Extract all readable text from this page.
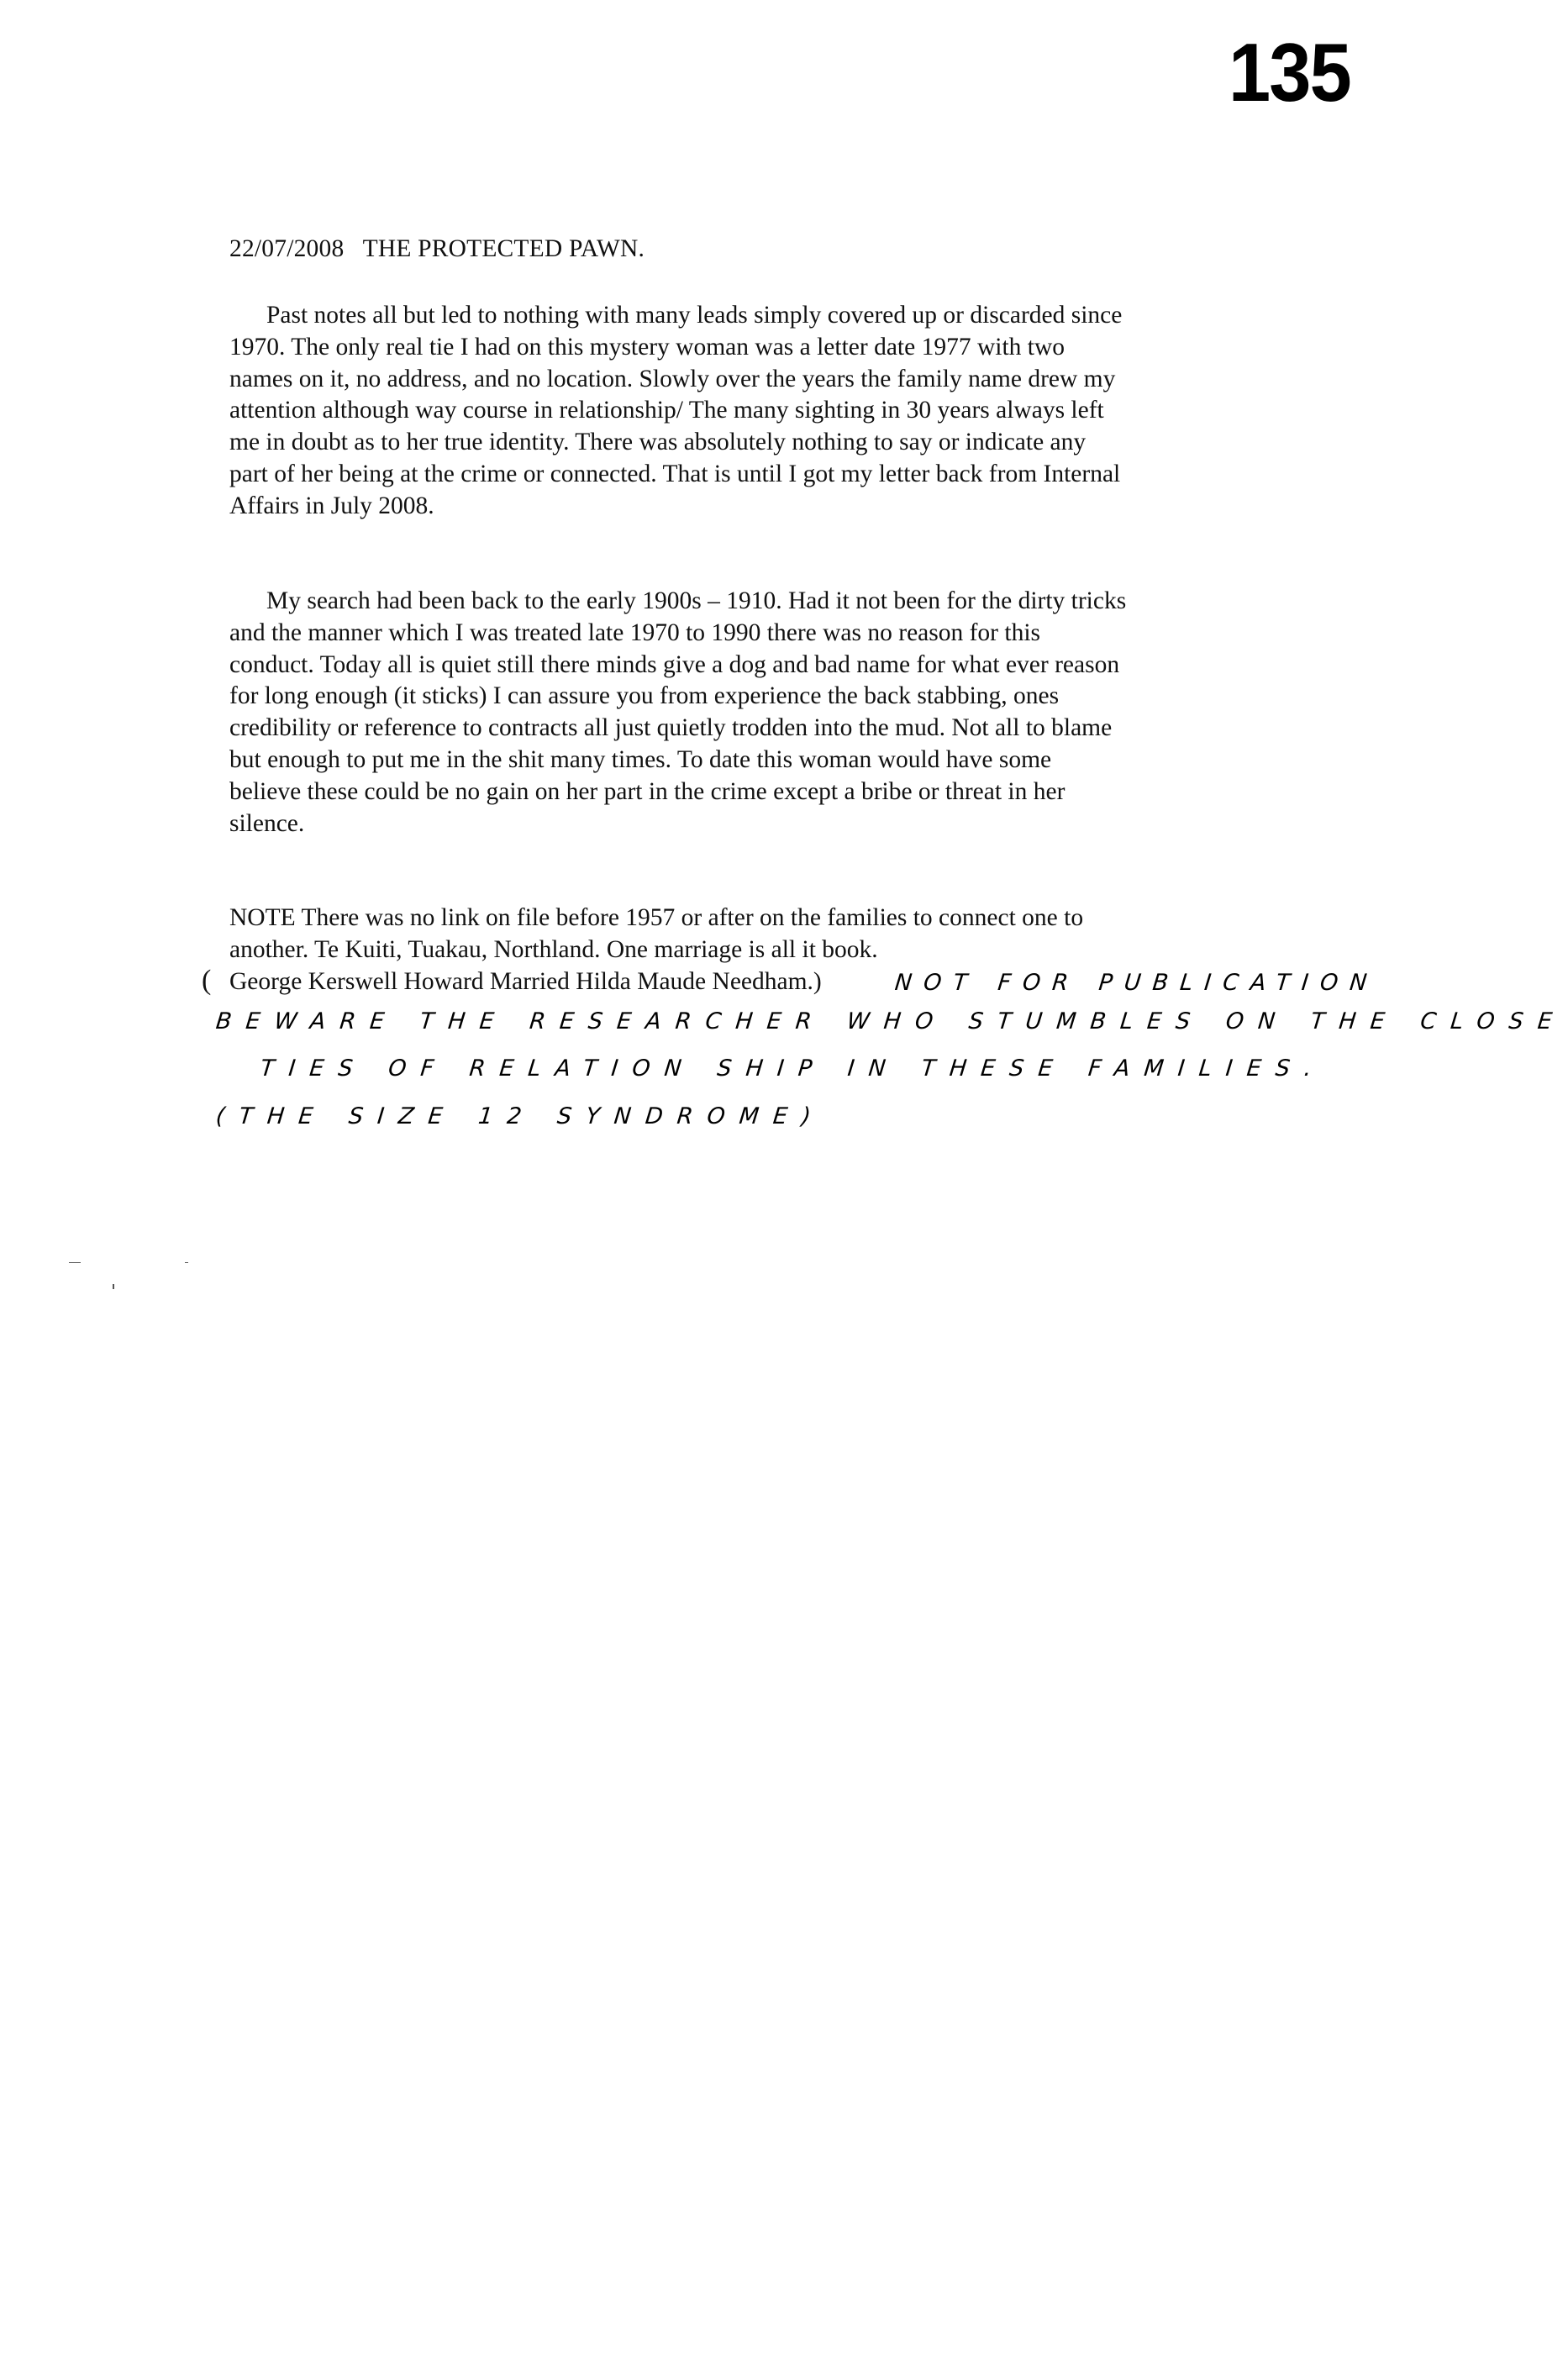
135
22/07/2008 THE PROTECTED PAWN.
Past notes all but led to nothing with many leads simply covered up or discarded since
1970. The only real tie I had on this mystery woman was a letter date 1977 with two
names on it, no address, and no location. Slowly over the years the family name drew my
attention although way course in relationship/ The many sighting in 30 years always left
me in doubt as to her true identity. There was absolutely nothing to say or indicate any
part of her being at the crime or connected. That is until I got my letter back from Internal
Affairs in July 2008.
My search had been back to the early 1900s – 1910. Had it not been for the dirty tricks
and the manner which I was treated late 1970 to 1990 there was no reason for this
conduct. Today all is quiet still there minds give a dog and bad name for what ever reason
for long enough (it sticks) I can assure you from experience the back stabbing, ones
credibility or reference to contracts all just quietly trodden into the mud. Not all to blame
but enough to put me in the shit many times. To date this woman would have some
believe these could be no gain on her part in the crime except a bribe or threat in her
silence.
NOTE There was no link on file before 1957 or after on the families to connect one to
another. Te Kuiti, Tuakau, Northland. One marriage is all it book.
George Kerswell Howard Married Hilda Maude Needham.)
(	NOT FOR PUBLICATION
BEWARE THE RESEARCHER WHO STUMBLES ON THE CLOSE
TIES OF RELATION SHIP IN THESE FAMILIES.
(THE SIZE 12 SYNDROME)
